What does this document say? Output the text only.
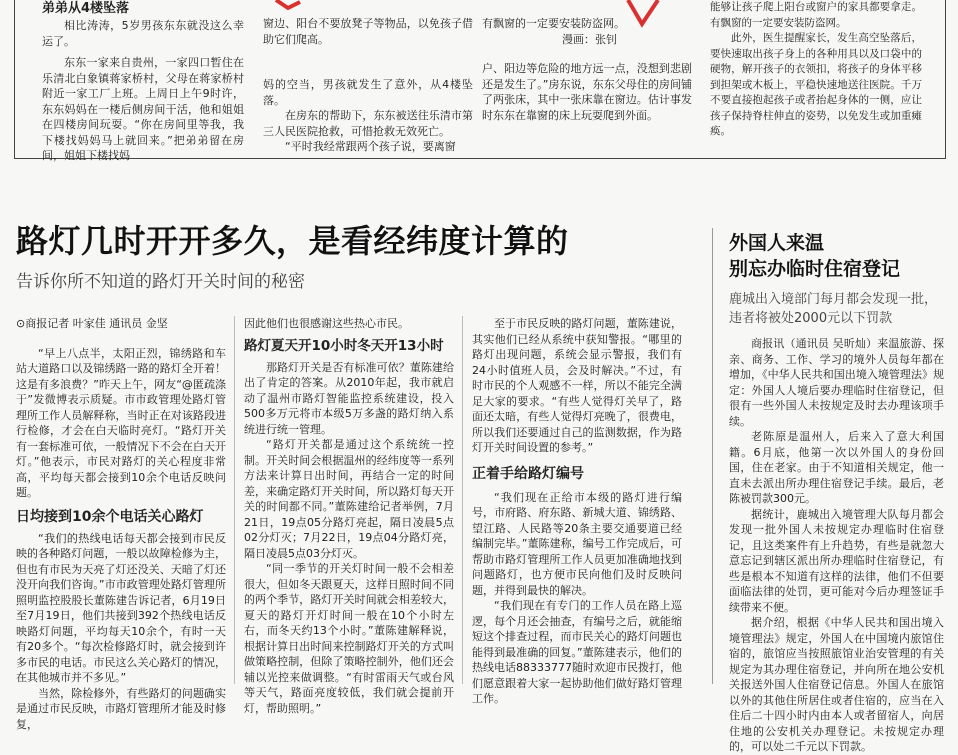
弟弟从4楼坠落

相比涛涛，5岁男孩东东就没这么幸运了。

东东一家来自贵州，一家四口暂住在乐清北白象镇蒋家桥村，父母在蒋家桥村附近一家工厂上班。上周日上午9时许，东东妈妈在一楼后侧房间干活，他和姐姐在四楼房间玩耍。“你在房间里等我，我下楼找妈妈马上就回来。”把弟弟留在房间，姐姐下楼找妈

窗边、阳台不要放凳子等物品，以免孩子借助它们爬高。

妈的空当，男孩就发生了意外，从4楼坠落。

在房东的帮助下，东东被送往乐清市第三人民医院抢救，可惜抢救无效死亡。

“平时我经常跟两个孩子说，要离窗

有飘窗的一定要安装防盗网。

漫画：张钊

户、阳边等危险的地方远一点，没想到悲剧还是发生了。”房东说，东东父母住的房间铺了两张床，其中一张床靠在窗边。估计事发时东东在靠窗的床上玩耍爬到外面。

能够让孩子爬上阳台或窗户的家具都要拿走。有飘窗的一定要安装防盗网。

此外，医生提醒家长，发生高空坠落后，要快速取出孩子身上的各种用具以及口袋中的硬物，解开孩子的衣领扣，将孩子的身体平移到担架或木板上，平稳快速地送往医院。千万不要直接抱起孩子或者抬起身体的一侧，应让孩子保持脊柱伸直的姿势，以免发生或加重瘫痪。

路灯几时开开多久，是看经纬度计算的
告诉你所不知道的路灯开关时间的秘密

⊙商报记者 叶家佳 通讯员 金坚

“早上八点半，太阳正烈，锦绣路和车站大道路口以及锦绣路一路的路灯全开着！这是有多浪费？”昨天上午，网友“@匿疏涤于”发微博表示质疑。市市政管理处路灯管理所工作人员解释称，当时正在对该路段进行检修，才会在白天临时亮灯。“路灯开关有一套标准可依，一般情况下不会在白天开灯。”他表示，市民对路灯的关心程度非常高，平均每天都会接到10余个电话反映问题。

日均接到10余个电话关心路灯

“我们的热线电话每天都会接到市民反映的各种路灯问题，一般以故障检修为主，但也有市民为天亮了灯还没关、天暗了灯还没开向我们咨询。”市市政管理处路灯管理所照明监控股股长董陈建告诉记者，6月19日至7月19日，他们共接到392个热线电话反映路灯问题，平均每天10余个，有时一天有20多个。“每次检修路灯时，就会接到许多市民的电话。市民这么关心路灯的情况，在其他城市并不多见。”

当然，除检修外，有些路灯的问题确实是通过市民反映，市路灯管理所才能及时修复，

因此他们也很感谢这些热心市民。

路灯夏天开10小时冬天开13小时

那路灯开关是否有标准可依？董陈建给出了肯定的答案。从2010年起，我市就启动了温州市路灯智能监控系统建设，投入500多万元将市本级5万多盏的路灯纳入系统进行统一管理。

“路灯开关都是通过这个系统统一控制。开关时间会根据温州的经纬度等一系列方法来计算日出时间，再结合一定的时间差，来确定路灯开关时间，所以路灯每天开关的时间都不同。”董陈建给记者举例，7月21日，19点05分路灯亮起，隔日凌晨5点02分灯灭；7月22日，19点04分路灯亮，隔日凌晨5点03分灯灭。

“同一季节的开关灯时间一般不会相差很大，但如冬天跟夏天，这样日照时间不同的两个季节，路灯开关时间就会相差较大，夏天的路灯开灯时间一般在10个小时左右，而冬天约13个小时。”董陈建解释说，根据计算日出时间来控制路灯开关的方式叫做策略控制，但除了策略控制外，他们还会辅以光控来做调整。“有时雷雨天气或台风等天气，路面亮度较低，我们就会提前开灯，帮助照明。”

至于市民反映的路灯问题，董陈建说，其实他们已经从系统中获知警报。“哪里的路灯出现问题，系统会显示警报，我们有24小时值班人员，会及时解决。”不过，有时市民的个人观感不一样，所以不能完全满足大家的要求。“有些人觉得灯关早了，路面还太暗，有些人觉得灯亮晚了，很费电，所以我们还要通过自己的监测数据，作为路灯开关时间设置的参考。”

正着手给路灯编号

“我们现在正给市本级的路灯进行编号，市府路、府东路、新城大道、锦绣路、望江路、人民路等20条主要交通要道已经编制完毕。”董陈建称，编号工作完成后，可帮助市路灯管理所工作人员更加准确地找到问题路灯，也方便市民向他们及时反映问题，并得到最快的解决。

“我们现在有专门的工作人员在路上巡逻，每个月还会抽查，有编号之后，就能缩短这个排查过程，而市民关心的路灯问题也能得到最准确的回复。”董陈建表示，他们的热线电话88333777随时欢迎市民拨打，他们愿意跟着大家一起协助他们做好路灯管理工作。

外国人来温
别忘办临时住宿登记
鹿城出入境部门每月都会发现一批，违者将被处2000元以下罚款

商报讯（通讯员 吴昕灿）来温旅游、探亲、商务、工作、学习的境外人员每年都在增加，《中华人民共和国出境入境管理法》规定：外国人人境后要办理临时住宿登记，但很有一些外国人未按规定及时去办理该项手续。

老陈原是温州人，后来入了意大利国籍。6月底，他第一次以外国人的身份回国，住在老家。由于不知道相关规定，他一直未去派出所办理住宿登记手续。最后，老陈被罚款300元。

据统计，鹿城出入境管理大队每月都会发现一批外国人未按规定办理临时住宿登记，且这类案件有上升趋势，有些是就忽大意忘记到辖区派出所办理临时住宿登记，有些是根本不知道有这样的法律，他们不但要面临法律的处罚，更可能对今后办理签证手续带来不便。

据介绍，根据《中华人民共和国出境入境管理法》规定，外国人在中国境内旅馆住宿的，旅馆应当按照旅馆业治安管理的有关规定为其办理住宿登记，并向所在地公安机关报送外国人住宿登记信息。外国人在旅馆以外的其他住所居住或者住宿的，应当在入住后二十四小时内由本人或者留宿人，向居住地的公安机关办理登记。未按规定办理的，可以处二千元以下罚款。
